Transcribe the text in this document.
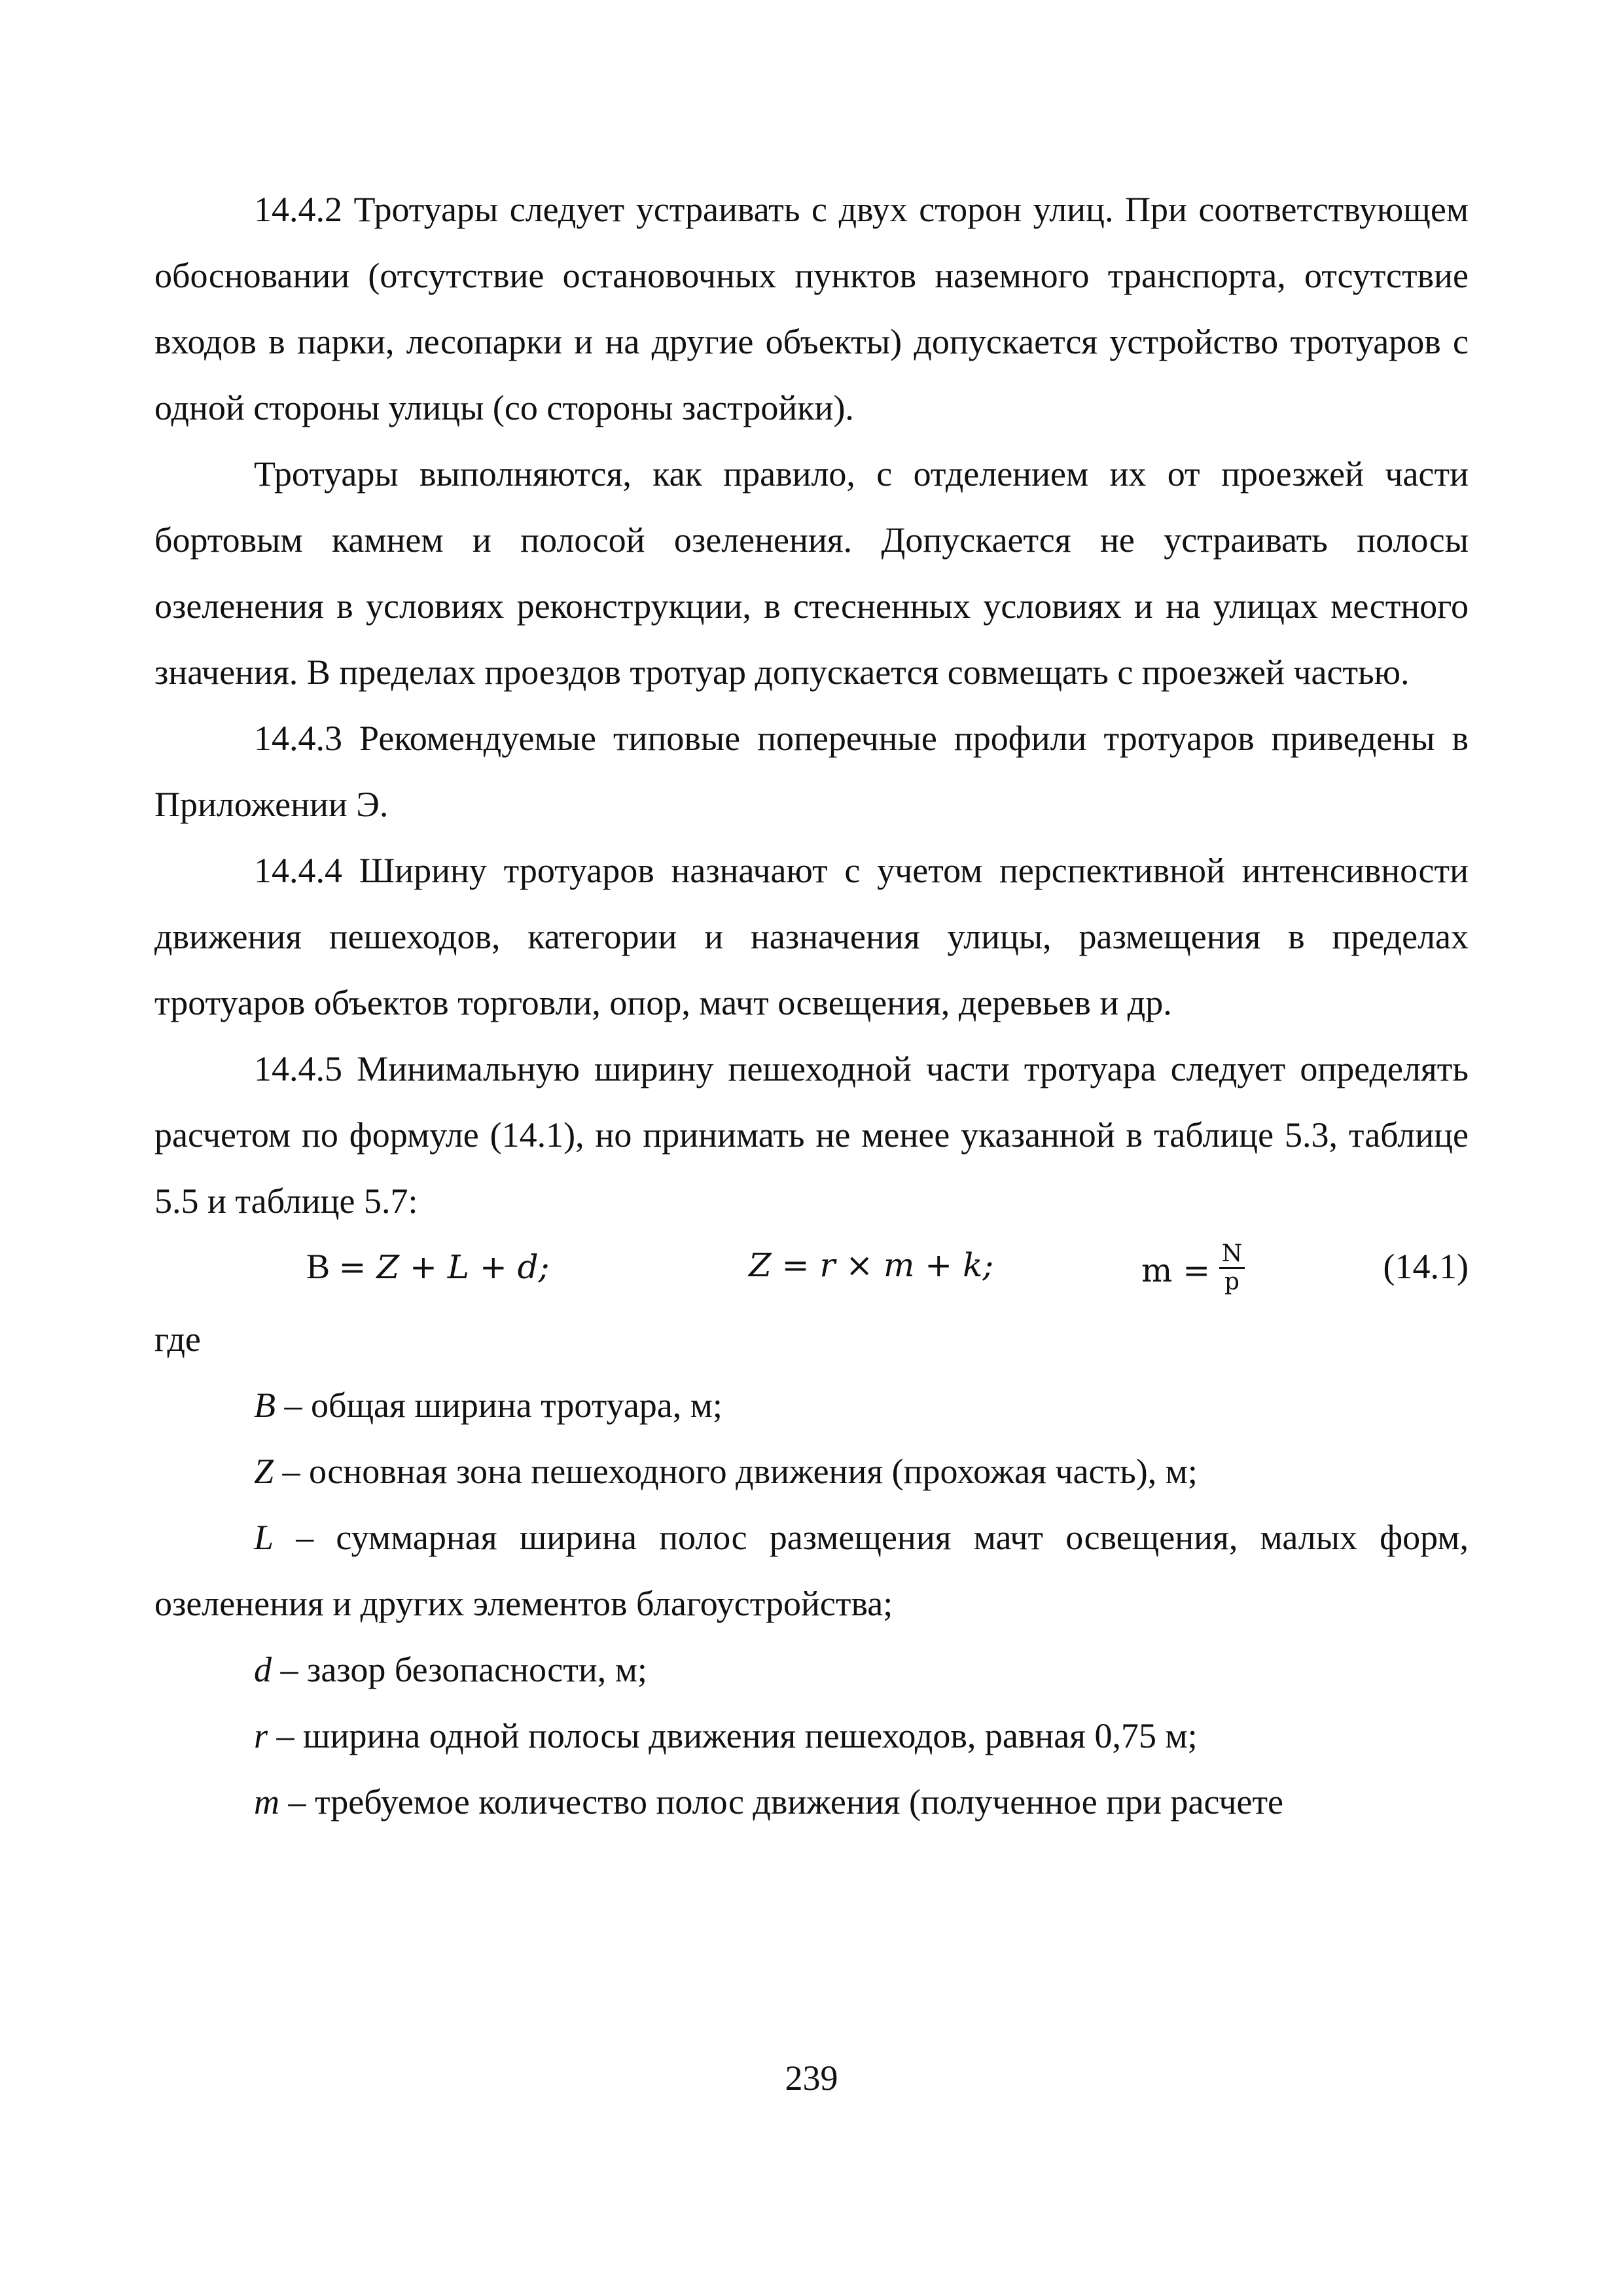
14.4.2 Тротуары следует устраивать с двух сторон улиц. При соответствующем обосновании (отсутствие остановочных пунктов наземного транспорта, отсутствие входов в парки, лесопарки и на другие объекты) допускается устройство тротуаров с одной стороны улицы (со стороны застройки).

Тротуары выполняются, как правило, с отделением их от проезжей части бортовым камнем и полосой озеленения. Допускается не устраивать полосы озеленения в условиях реконструкции, в стесненных условиях и на улицах местного значения. В пределах проездов тротуар допускается совмещать с проезжей частью.

14.4.3 Рекомендуемые типовые поперечные профили тротуаров приведены в Приложении Э.

14.4.4 Ширину тротуаров назначают с учетом перспективной интенсивности движения пешеходов, категории и назначения улицы, размещения в пределах тротуаров объектов торговли, опор, мачт освещения, деревьев и др.

14.4.5 Минимальную ширину пешеходной части тротуара следует определять расчетом по формуле (14.1), но принимать не менее указанной в таблице 5.3, таблице 5.5 и таблице 5.7:

В = Z + L + d;	Z = r × m + k;	$m = \frac{N}{p}$	(14.1)

где

B – общая ширина тротуара, м;

Z – основная зона пешеходного движения (прохожая часть), м;

L – суммарная ширина полос размещения мачт освещения, малых форм, озеленения и других элементов благоустройства;

d – зазор безопасности, м;

r – ширина одной полосы движения пешеходов, равная 0,75 м;

m – требуемое количество полос движения (полученное при расчете

239
